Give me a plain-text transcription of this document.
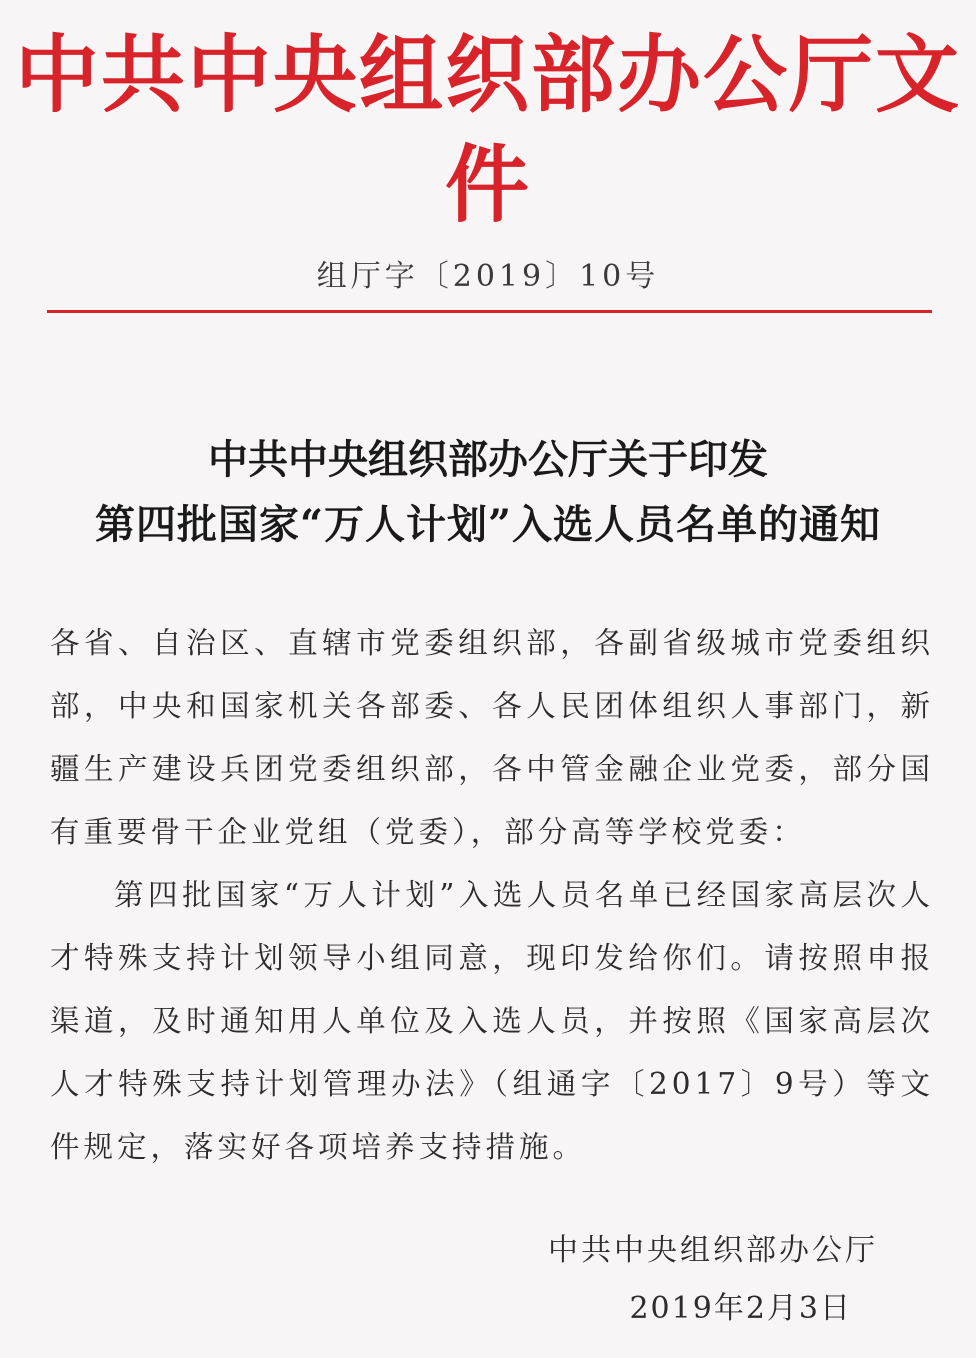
中共中央组织部办公厅文件
组厅字〔2019〕10号
中共中央组织部办公厅关于印发
第四批国家“万人计划”入选人员名单的通知

各省、自治区、直辖市党委组织部，各副省级城市党委组织部，中央和国家机关各部委、各人民团体组织人事部门，新疆生产建设兵团党委组织部，各中管金融企业党委，部分国有重要骨干企业党组（党委），部分高等学校党委：

第四批国家“万人计划”入选人员名单已经国家高层次人才特殊支持计划领导小组同意，现印发给你们。请按照申报渠道，及时通知用人单位及入选人员，并按照《国家高层次人才特殊支持计划管理办法》（组通字〔2017〕9号）等文件规定，落实好各项培养支持措施。

中共中央组织部办公厅
2019年2月3日
